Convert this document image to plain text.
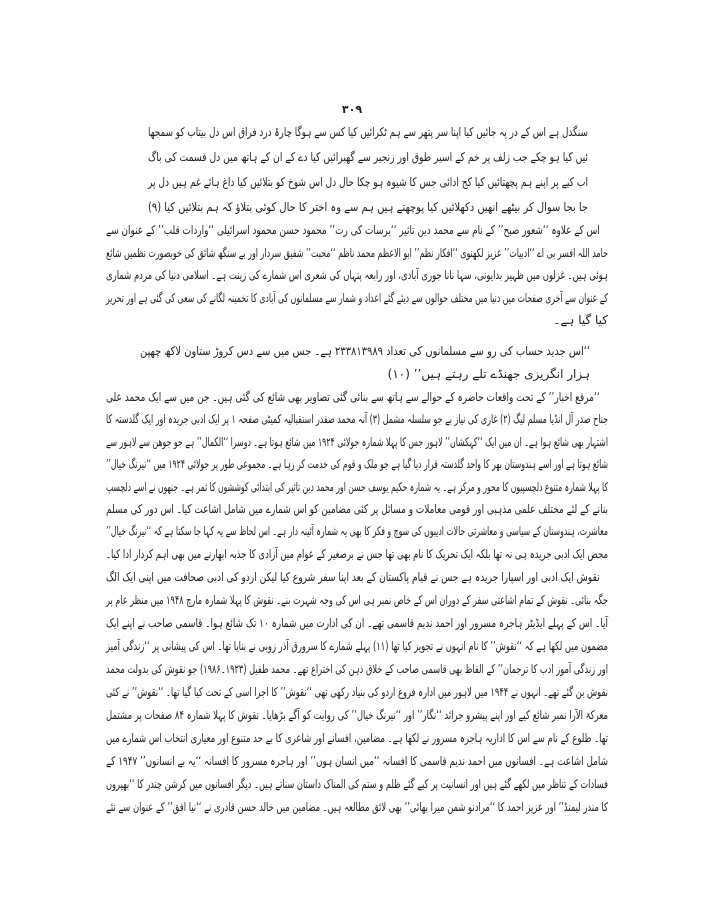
۳۰۹
سنگدل ہے اس کے در پہ جائیں کیا اپنا سر پتھر سے ہم ٹکرائیں کیا کس سے ہوگا چارۂ درد فراق اس دل بیتاب کو سمجھا
ئیں کیا ہو چکے جب زلف پر خم کے اسیر طوق اور زنجیر سے گھبرائیں کیا دے کے ان کے ہاتھ میں دل قسمت کی باگ
اب کیے پر اپنے ہم پچھتائیں کیا کج ادائی جس کا شیوہ ہو چکا حال دل اس شوخ کو بتلائیں کیا داغ ہائے غم ہیں دل پر
جا بجا سوال کر بیٹھے انھیں دکھلائیں کیا پوچھتے ہیں ہم سے وہ اختر کا حال کوئی بتلاؤ کہ ہم بتلائیں کیا (۹)
اس کے علاوہ ‘‘شعور صبح’’ کے نام سے محمد دین تاثیر ‘‘برسات کی رت’’ محمود حسن محمود اسرائیلی ‘‘واردات قلب’’ کے عنوان سے
حامد اللہ افسر بی اے ‘‘ادبیات’’ عزیز لکھنوی ‘‘افکار نظم’’ ابو الاعظم محمد ناظم ‘‘محبت’’ شفیق سردار اور بے سنگھ شائق کی خوبصورت نظمیں شائع
ہوئی ہیں۔ غزلوں میں ظہیر بدایونی، سہا نانا جوری آبادی، اور رابعہ پنہاں کی شعری اس شمارے کی زینت ہے۔ اسلامی دنیا کی مردم شماری
کے عنوان سے آخری صفحات میں دنیا میں مختلف حوالوں سے دیئے گئے اعداد و شمار سے مسلمانوں کی آبادی کا تخمینہ لگانے کی سعی کی گئی ہے اور تحریر
کیا گیا ہے۔
‘‘اس جدید حساب کی رو سے مسلمانوں کی تعداد ۲۳۳۸۱۳۹۸۹ ہے۔ جس میں سے دس کروڑ ستاون لاکھ چھپن
ہزار انگریزی جھنڈے تلے رہتے ہیں’’ (۱۰)
‘‘مرقع اخبار’’ کے تحت واقعات حاضرہ کے حوالے سے ہاتھ سے بنائی گئی تصاویر بھی شائع کی گئی ہیں۔ جن میں سے ایک محمد علی
جناح صدر آل انڈیا مسلم لیگ (۲) غازی کی نیاز بے جو سلسلہ مشمل (۳) آنہ محمد صفدر استقبالیہ کمیٹی صفحہ ۱ پر ایک ادبی جریدہ اور ایک گلدستہ کا
اشتہار بھی شائع ہوا ہے۔ ان میں ایک ‘‘کہکشاں’’ لاہور جس کا پہلا شمارہ جولائی ۱۹۲۴ میں شائع ہوتا ہے۔ دوسرا ‘‘الکمال’’ ہے جو جوھن سے لاہور سے
شائع ہوتا ہے اور اسے ہندوستان بھر کا واحد گلدستہ قرار دیا گیا ہے جو ملک و قوم کی خدمت کر رہا ہے۔ مجموعی طور پر جولائی ۱۹۲۴ میں ‘‘نیرنگ خیال’’
کا پہلا شمارہ متنوع دلچسپیوں کا محور و مرکز ہے۔ یہ شمارہ حکیم یوسف حسن اور محمد دین تاثیر کی ابتدائی کوششوں کا ثمر ہے۔ جنھوں نے اسے دلچسپ
بنانے کے لئے مختلف علمی مذہبی اور قومی معاملات و مسائل پر کئی مضامین کو اس شمارے میں شامل اشاعت کیا۔ اس دور کی مسلم
معاشرت، ہندوستان کے سیاسی و معاشرتی حالات ادیبوں کی سوچ و فکر کا بھی یہ شمارہ آئینہ دار ہے۔ اس لحاظ سے یہ کہا جا سکتا ہے کہ ‘‘نیرنگ خیال’’
محض ایک ادبی جریدہ ہی نہ تھا بلکہ ایک تحریک کا نام بھی تھا جس نے برصغیر کے عوام میں آزادی کا جذبہ ابھارنے میں بھی اہم کردار ادا کیا۔
نقوش ایک ادبی اور اسپارا جریدہ ہے جس نے قیام پاکستان کے بعد اپنا سفر شروع کیا لیکن اردو کی ادبی صحافت میں اپنی ایک الگ
جگہ بنائی۔ نقوش کے تمام اشاعتی سفر کے دوران اس کے خاص نمبر ہی اس کی وجہ شہرت بنے۔ نقوش کا پہلا شمارہ مارچ ۱۹۴۸ میں منظر عام پر
آیا۔ اس کے پہلے ایڈیٹر ہاجرہ مسرور اور احمد ندیم قاسمی تھے۔ ان کی ادارت میں شمارہ ۱۰ تک شائع ہوا۔ قاسمی صاحب نے اپنے ایک
مضمون میں لکھا ہے کہ ‘‘نقوش’’ کا نام انہوں نے تجویز کیا تھا (۱۱) پہلے شمارے کا سرورق آذر زوبی نے بنایا تھا۔ اس کی پیشانی پر ‘‘زندگی آمیز
اور زندگی آموز ادب کا ترجمان’’ کے الفاظ بھی قاسمی صاحب کے خلاق ذہن کی اختراع تھے۔ محمد طفیل (۱۹۲۳۔۱۹۸۶) جو نقوش کی بدولت محمد
نقوش بن گئے تھے۔ انہوں نے ۱۹۴۴ میں لاہور میں ادارہ فروغ اردو کی بنیاد رکھی تھی ‘‘نقوش’’ کا اجرا اسی کے تحت کیا گیا تھا۔ ‘‘نقوش’’ نے کئی
معرکۃ الآرا نمبر شائع کیے اور اپنے پیشرو جرائد ‘‘نگار’’ اور ‘‘نیرنگ خیال’’ کی روایت کو آگے بڑھایا۔ نقوش کا پہلا شمارہ ۸۴ صفحات پر مشتمل
تھا۔ طلوع کے نام سے اس کا اداریہ ہاجرہ مسرور نے لکھا ہے۔ مضامین، افسانے اور شاعری کا بے حد متنوع اور معیاری انتخاب اس شمارے میں
شامل اشاعت ہے۔ افسانوں میں احمد ندیم قاسمی کا افسانہ ‘‘میں انسان ہوں’’ اور ہاجرہ مسرور کا افسانہ ‘‘یہ بے انسانوں’’ ۱۹۴۷ کے
فسادات کے تناظر میں لکھے گئے ہیں اور انسانیت پر کیے گئے ظلم و ستم کی المناک داستان سناتے ہیں۔ دیگر افسانوں میں کرشن چندر کا ‘‘بھیروں
کا مندر لیمنڈ’’ اور عزیز احمد کا ‘‘مرادنو شمن میرا بھائی’’ بھی لائق مطالعہ ہیں۔ مضامین میں خالد حسن قادری نے ‘‘نیا افق’’ کے عنوان سے نئے
